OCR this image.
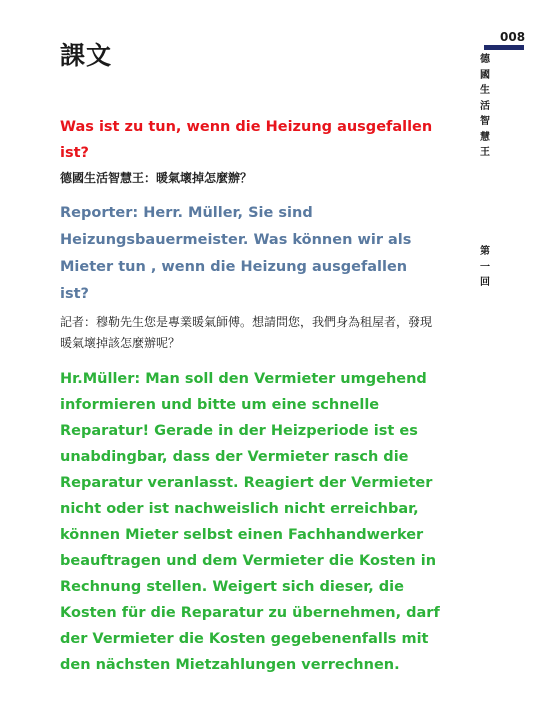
課文
008
德國生活智慧王
第一回
Was ist zu tun, wenn die Heizung ausgefallen ist?
德國生活智慧王：暖氣壞掉怎麼辦？
Reporter: Herr. Müller, Sie sind Heizungsbauermeister. Was können wir als Mieter tun , wenn die Heizung ausgefallen ist?
記者：穆勒先生您是專業暖氣師傅。想請問您，我們身為租屋者，發現暖氣壞掉該怎麼辦呢？
Hr.Müller: Man soll den Vermieter umgehend informieren und bitte um eine schnelle Reparatur! Gerade in der Heizperiode ist es unabdingbar, dass der Vermieter rasch die Reparatur veranlasst. Reagiert der Vermieter nicht oder ist nachweislich nicht erreichbar, können Mieter selbst einen Fachhandwerker beauftragen und dem Vermieter die Kosten in Rechnung stellen. Weigert sich dieser, die Kosten für die Reparatur zu übernehmen, darf der Vermieter die Kosten gegebenenfalls mit den nächsten Mietzahlungen verrechnen.
